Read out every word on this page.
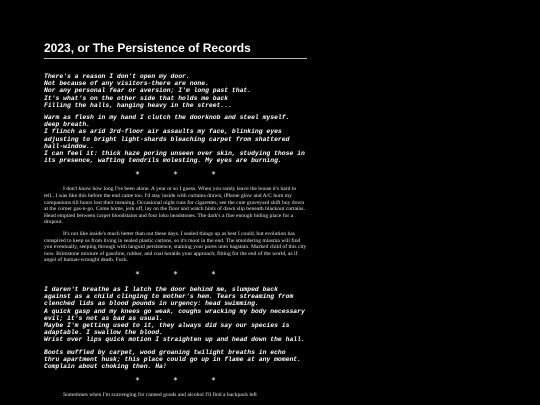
2023, or The Persistence of Records
There's a reason I don't open my door.
Not because of any visitors-there are none.
Nor any personal fear or aversion; I'm long past that.
It's what's on the other side that holds me back
Filling the halls, hanging heavy in the street...
Warm as flesh in my hand I clutch the doorknob and steel myself. deep breath.
I flinch as arid 3rd-floor air assaults my face, blinking eyes adjusting to bright light-shards bleaching carpet from shattered hall-window..
I can feel it: thick haze poring unseen over skin, studying those in its presence, wafting tendrils molesting. My eyes are burning.
*	*	*

I don't know how long I've been alone. A year or so I guess. When you rarely leave the house it's hard to tell.. I was like this before the end came too. I'd stay inside with curtains drawn, iPhone glow and A/C hum my companions till hours lost their meaning. Occasional night runs for cigarettes, see the cute graveyard shift boy down at the corner gas-n-go. Come home, jerk off, lay on the floor and watch hints of dawn slip beneath blackout curtains. Head emptied between carpet bloodstains and four loko headstones. The dark's a fine enough hiding place for a dropout.

It's not like inside's much better than out these days. I sealed things up as best I could, but evolution has conspired to keep us from living in sealed plastic cartons, so it's moot in the end. The smoldering miasma will find you eventually, seeping through with languid persistence, staining your pores unto bagstain. Marked child of this city now. Brimstone mixture of gasoline, rubber, and coal heralds your approach; fitting for the end of the world, as if angel of human-wrought death. Fuck.

*	*	*
I daren't breathe as I latch the door behind me, slumped back against as a child clinging to mother's hem. Tears streaming from clenched lids as blood pounds in urgency: head swimming.
A quick gasp and my knees go weak, coughs wracking my body necessary evil; it's not as bad as usual.
Maybe I'm getting used to it, they always did say our species is adaptable. I swallow the blood.
Wrist over lips quick motion I straighten up and head down the hall.
Boots muffled by carpet, wood groaning twilight breaths in echo
thru apartment husk; this place could go up in flame at any moment.
Complain about choking then. Ha!
*	*	*

Sometimes when I'm scavenging for canned goods and alcohol I'll find a backpack left
